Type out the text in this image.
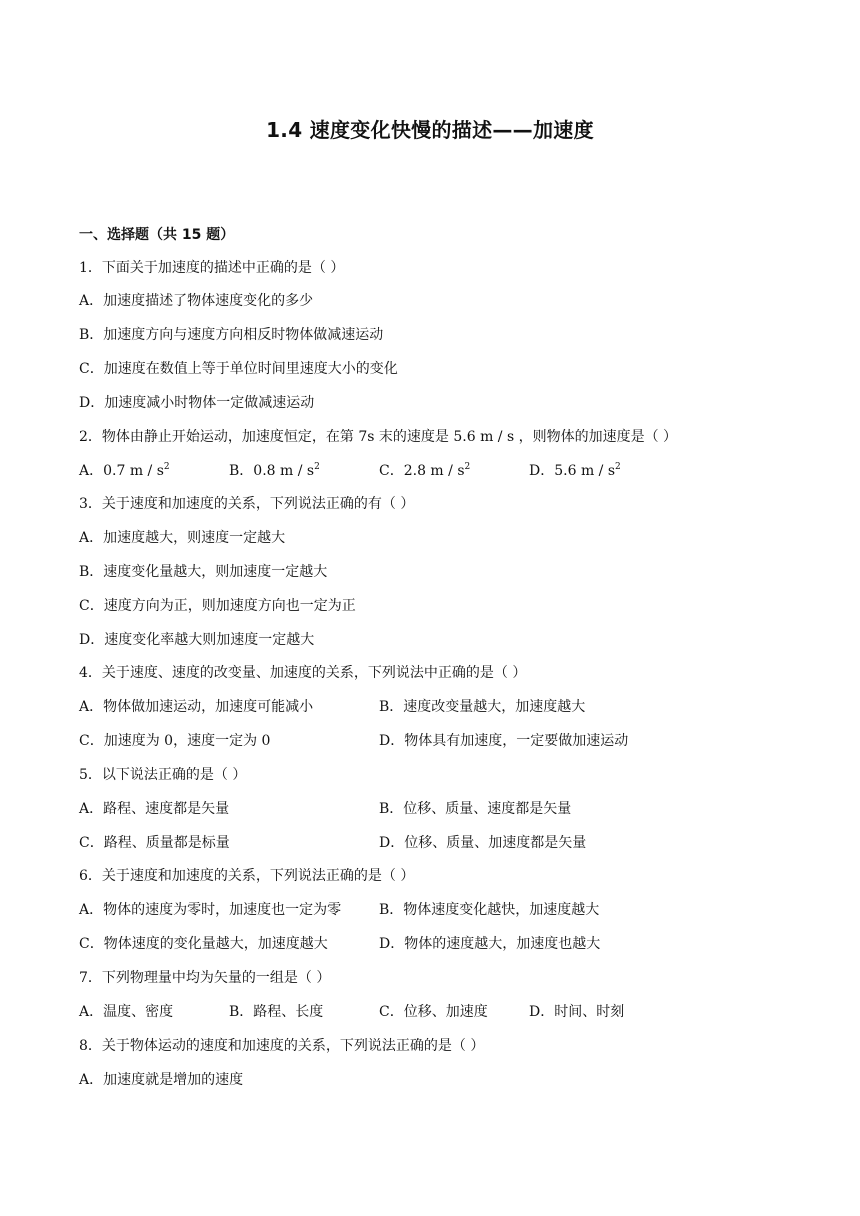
1.4 速度变化快慢的描述——加速度
一、选择题（共 15 题）
1．下面关于加速度的描述中正确的是（ ）
A．加速度描述了物体速度变化的多少
B．加速度方向与速度方向相反时物体做减速运动
C．加速度在数值上等于单位时间里速度大小的变化
D．加速度减小时物体一定做减速运动
2．物体由静止开始运动，加速度恒定，在第 7s 末的速度是 5.6 m / s ，则物体的加速度是（ ）
A．0.7 m / $s^2$	B．0.8 m / $s^2$	C．2.8 m / $s^2$	D．5.6 m / $s^2$
3．关于速度和加速度的关系，下列说法正确的有（ ）
A．加速度越大，则速度一定越大
B．速度变化量越大，则加速度一定越大
C．速度方向为正，则加速度方向也一定为正
D．速度变化率越大则加速度一定越大
4．关于速度、速度的改变量、加速度的关系，下列说法中正确的是（ ）
A．物体做加速运动，加速度可能减小	B．速度改变量越大，加速度越大
C．加速度为 0，速度一定为 0	D．物体具有加速度，一定要做加速运动
5．以下说法正确的是（ ）
A．路程、速度都是矢量	B．位移、质量、速度都是矢量
C．路程、质量都是标量	D．位移、质量、加速度都是矢量
6．关于速度和加速度的关系，下列说法正确的是（ ）
A．物体的速度为零时，加速度也一定为零	B．物体速度变化越快，加速度越大
C．物体速度的变化量越大，加速度越大	D．物体的速度越大，加速度也越大
7．下列物理量中均为矢量的一组是（ ）
A．温度、密度	B．路程、长度	C．位移、加速度	D．时间、时刻
8．关于物体运动的速度和加速度的关系，下列说法正确的是（ ）
A．加速度就是增加的速度
